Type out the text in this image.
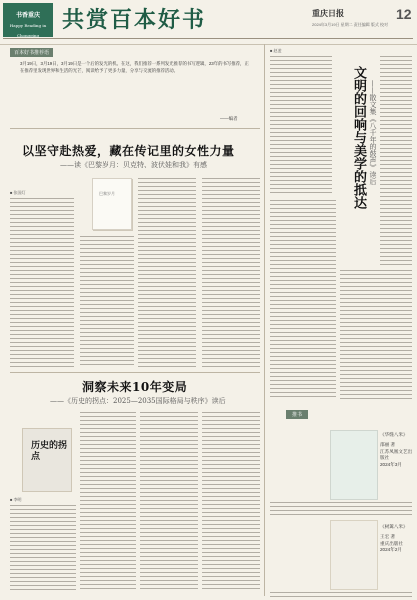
书香重庆
Happy Reading in Chongqing
共赏百本好书	重庆日报	12
2024年3月19日 星期二 责任编辑 版式 校对
百本好书推荐语
3月19日，3月19日，3月19日是一个后的发光的机。在这，我们推荐一系列发光推荐的书写逻辑，23年的书写推荐，正在推荐里发现世界和生活的光芒，阅读给予了更多力量，分享与交流的推荐活动。
——编者
以坚守赴热爱，藏在传记里的女性力量
——读《巴黎岁月：贝克特、波伏娃和我》有感
巴黎岁月
■ 张国灯
洞察未来10年变局
——《历史的拐点：2025—2035国际格局与秩序》读后
历史的拐点
■ 李明
■ 赵凌
文明的回响与美学的抵达 ——散文集《八千年的鼓声》读后
推书
《华缝八米》
邵丽 著
江苏凤凰文艺出版社
2024年3月
《树篱八米》
王宏 著
重庆出版社
2024年2月
